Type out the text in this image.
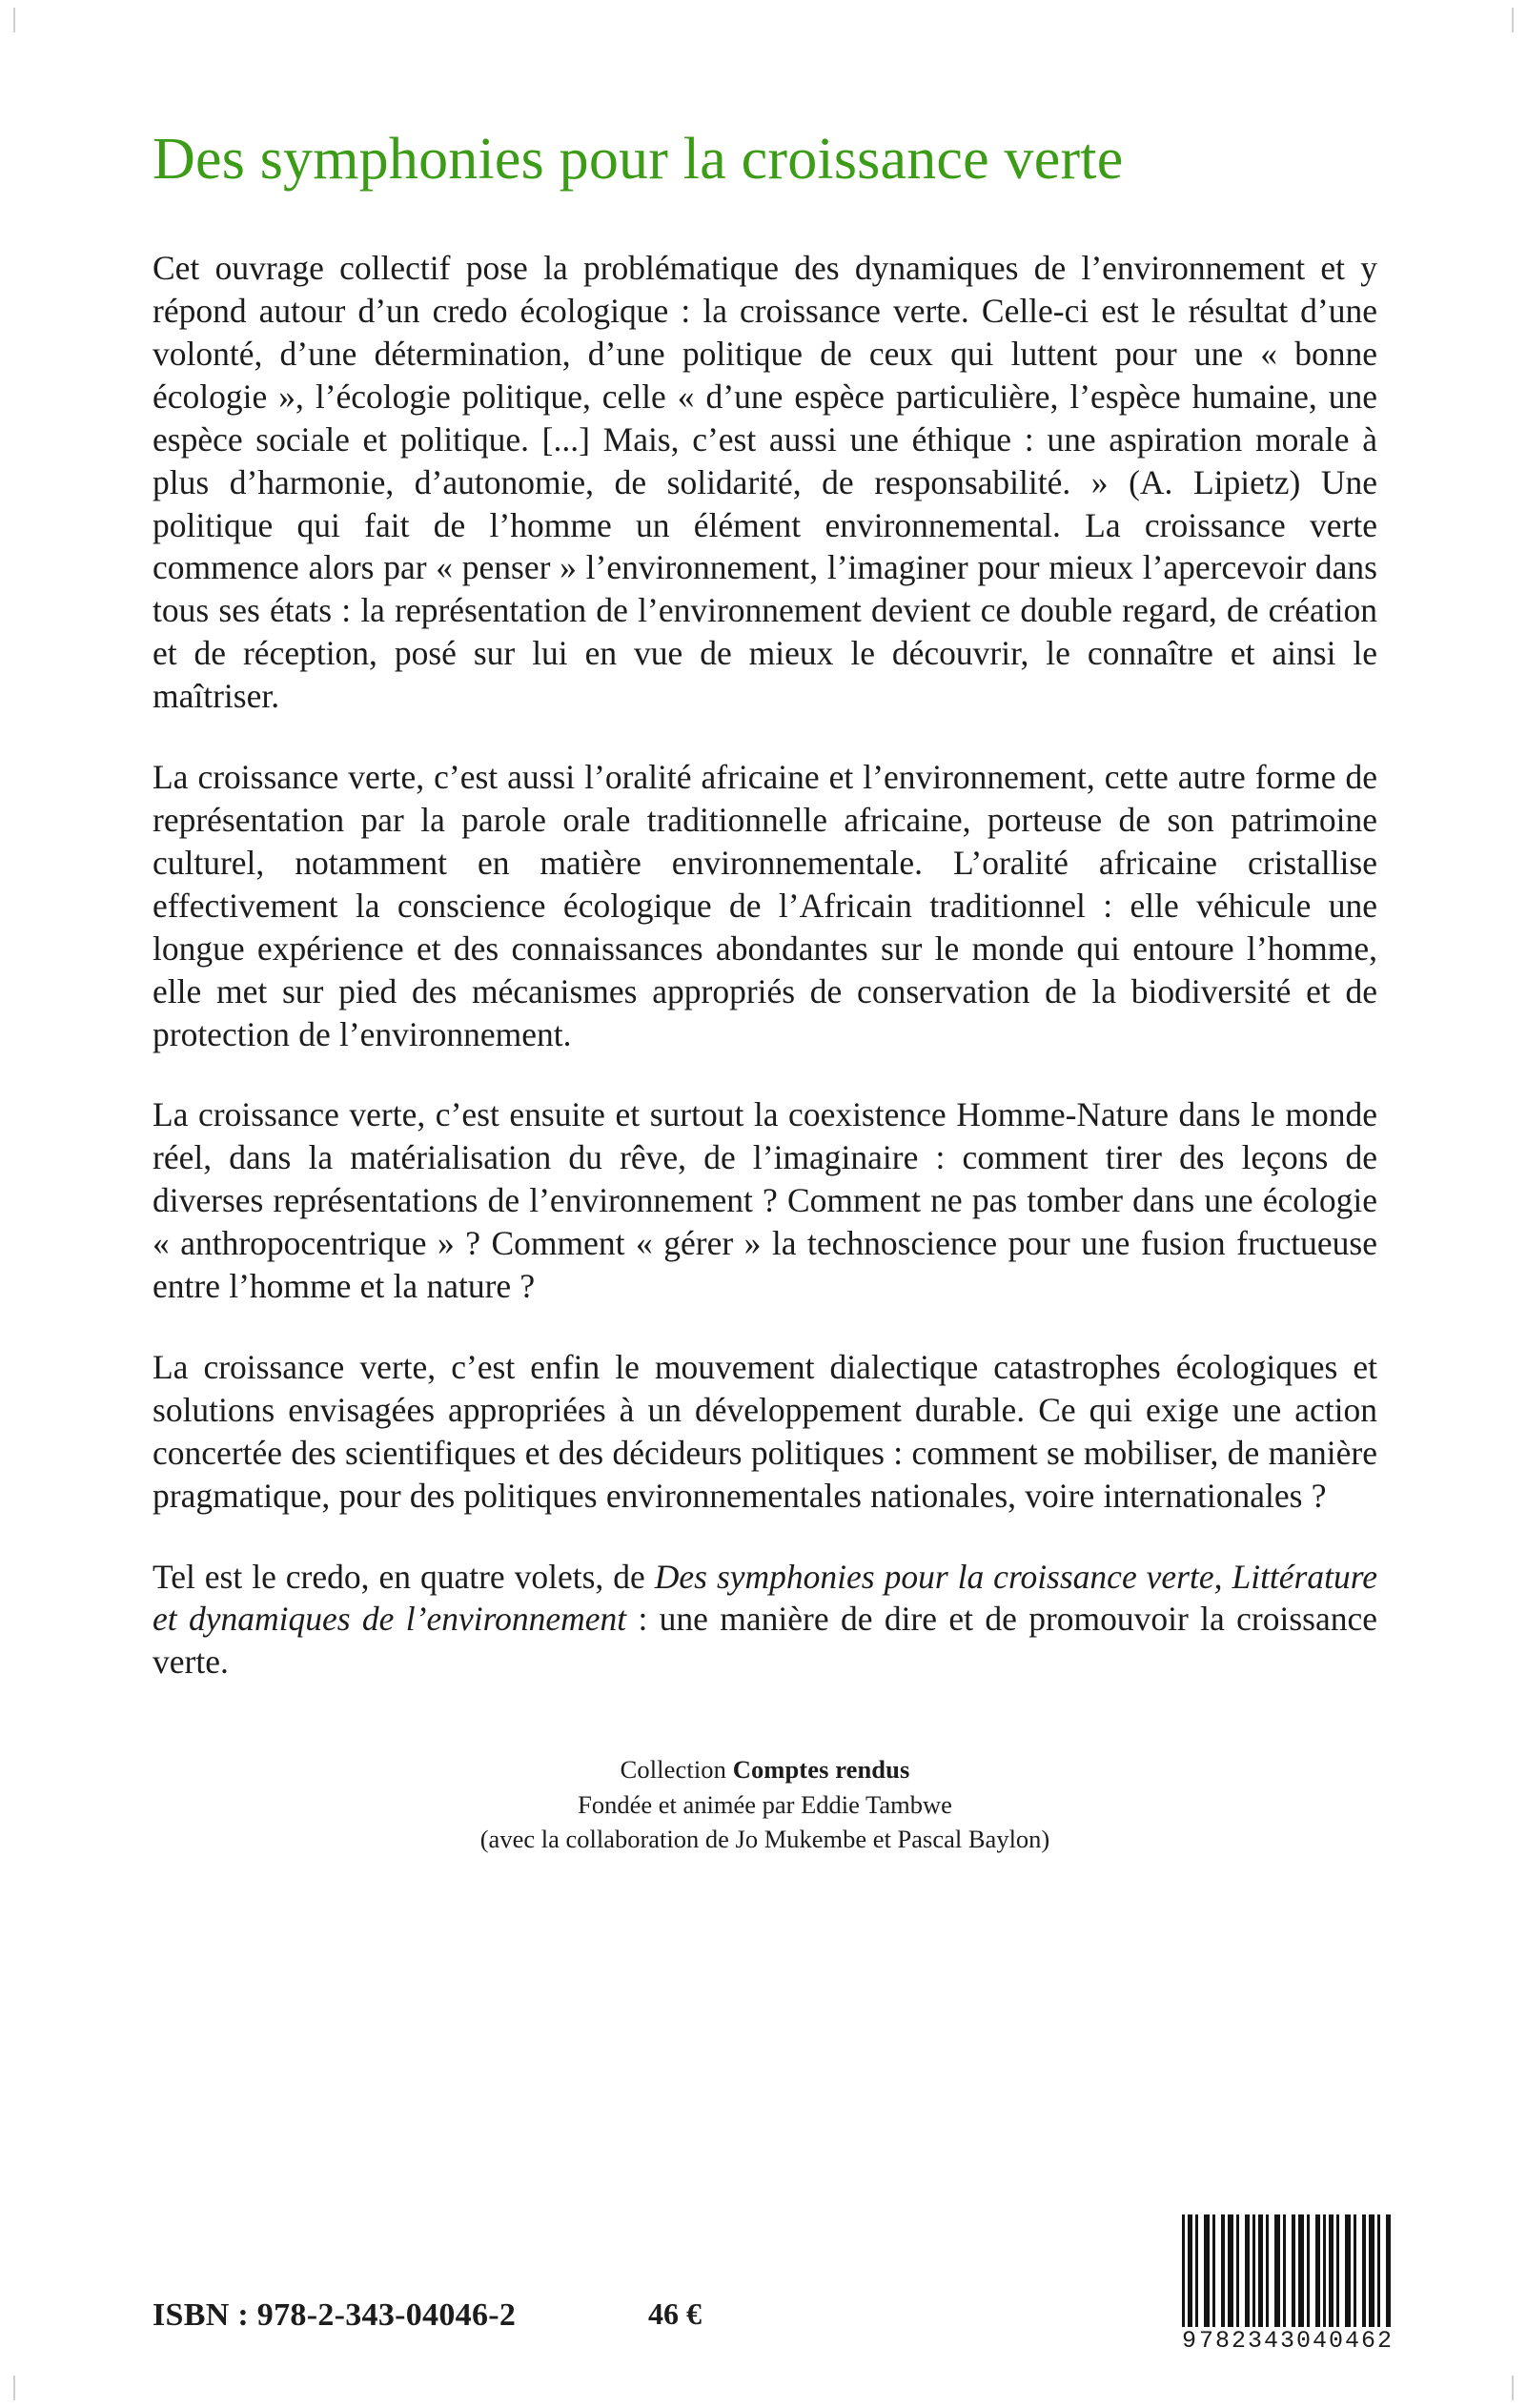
Des symphonies pour la croissance verte

Cet ouvrage collectif pose la problématique des dynamiques de l’environnement et y répond autour d’un credo écologique : la croissance verte. Celle-ci est le résultat d’une volonté, d’une détermination, d’une politique de ceux qui luttent pour une « bonne écologie », l’écologie politique, celle « d’une espèce particulière, l’espèce humaine, une espèce sociale et politique. [...] Mais, c’est aussi une éthique : une aspiration morale à plus d’harmonie, d’autonomie, de solidarité, de responsabilité. » (A. Lipietz) Une politique qui fait de l’homme un élément environnemental. La croissance verte commence alors par « penser » l’environnement, l’imaginer pour mieux l’apercevoir dans tous ses états : la représentation de l’environnement devient ce double regard, de création et de réception, posé sur lui en vue de mieux le découvrir, le connaître et ainsi le maîtriser.

La croissance verte, c’est aussi l’oralité africaine et l’environnement, cette autre forme de représentation par la parole orale traditionnelle africaine, porteuse de son patrimoine culturel, notamment en matière environnementale. L’oralité africaine cristallise effectivement la conscience écologique de l’Africain traditionnel : elle véhicule une longue expérience et des connaissances abondantes sur le monde qui entoure l’homme, elle met sur pied des mécanismes appropriés de conservation de la biodiversité et de protection de l’environnement.

La croissance verte, c’est ensuite et surtout la coexistence Homme-Nature dans le monde réel, dans la matérialisation du rêve, de l’imaginaire : comment tirer des leçons de diverses représentations de l’environnement ? Comment ne pas tomber dans une écologie « anthropocentrique » ? Comment « gérer » la technoscience pour une fusion fructueuse entre l’homme et la nature ?

La croissance verte, c’est enfin le mouvement dialectique catastrophes écologiques et solutions envisagées appropriées à un développement durable. Ce qui exige une action concertée des scientifiques et des décideurs politiques : comment se mobiliser, de manière pragmatique, pour des politiques environnementales nationales, voire internationales ?

Tel est le credo, en quatre volets, de Des symphonies pour la croissance verte, Littérature et dynamiques de l’environnement : une manière de dire et de promouvoir la croissance verte.

Collection Comptes rendus
Fondée et animée par Eddie Tambwe
(avec la collaboration de Jo Mukembe et Pascal Baylon)
ISBN : 978-2-343-04046-2	46 €
9 782343 040462
